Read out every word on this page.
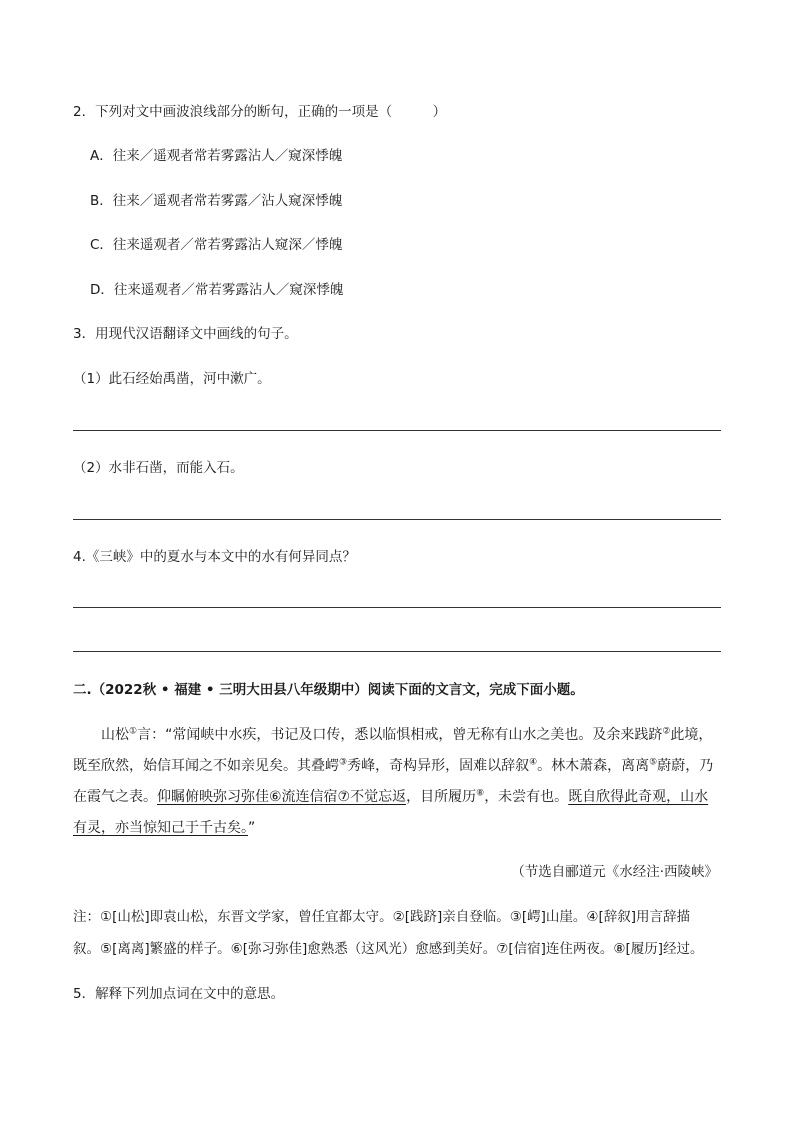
2．下列对文中画波浪线部分的断句，正确的一项是（　　　）
A．往来／遥观者常若雾露沾人／窥深悸魄
B．往来／遥观者常若雾露／沾人窥深悸魄
C．往来遥观者／常若雾露沾人窥深／悸魄
D．往来遥观者／常若雾露沾人／窥深悸魄
3．用现代汉语翻译文中画线的句子。
（1）此石经始禹凿，河中漱广。
（2）水非石凿，而能入石。
4.《三峡》中的夏水与本文中的水有何异同点？
二.（2022秋 • 福建 • 三明大田县八年级期中）阅读下面的文言文，完成下面小题。
山松①言：“常闻峡中水疾，书记及口传，悉以临惧相戒，曾无称有山水之美也。及余来践跻②此境，
既至欣然，始信耳闻之不如亲见矣。其叠崿③秀峰，奇构异形，固难以辞叙④。林木萧森，离离⑤蔚蔚，乃
在霞气之表。仰瞩俯映弥习弥佳⑥流连信宿⑦不觉忘返，目所履历⑧，未尝有也。既自欣得此奇观，山水
有灵，亦当惊知己于千古矣。”
（节选自郦道元《水经注·西陵峡》
注：①[山松]即袁山松，东晋文学家，曾任宜都太守。②[践跻]亲自登临。③[崿]山崖。④[辞叙]用言辞描
叙。⑤[离离]繁盛的样子。⑥[弥习弥佳]愈熟悉（这风光）愈感到美好。⑦[信宿]连住两夜。⑧[履历]经过。
5．解释下列加点词在文中的意思。
